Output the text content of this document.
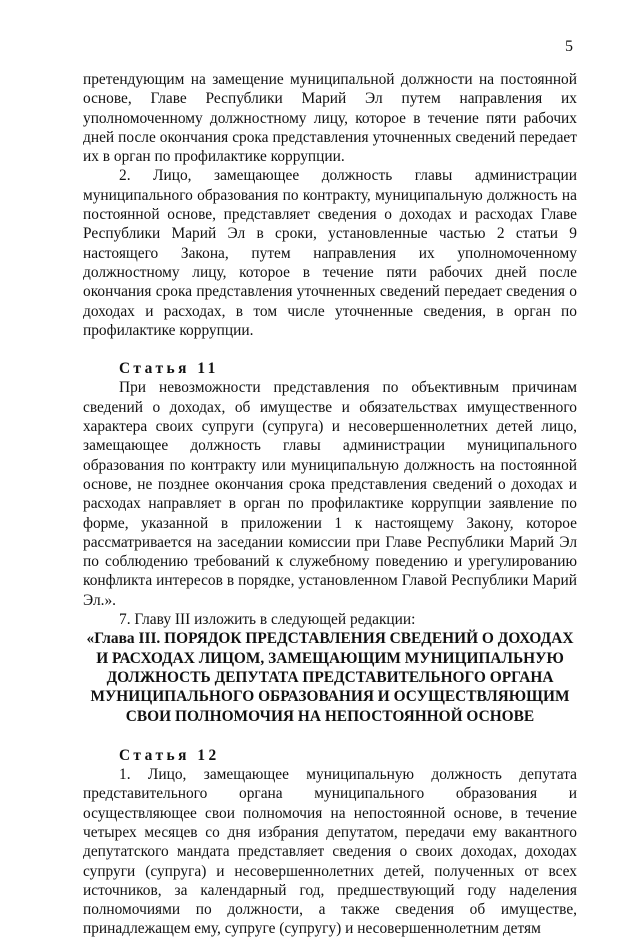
5

претендующим на замещение муниципальной должности на постоянной основе, Главе Республики Марий Эл путем направления их уполномоченному должностному лицу, которое в течение пяти рабочих дней после окончания срока представления уточненных сведений передает их в орган по профилактике коррупции.

2. Лицо, замещающее должность главы администрации муниципального образования по контракту, муниципальную должность на постоянной основе, представляет сведения о доходах и расходах Главе Республики Марий Эл в сроки, установленные частью 2 статьи 9 настоящего Закона, путем направления их уполномоченному должностному лицу, которое в течение пяти рабочих дней после окончания срока представления уточненных сведений передает сведения о доходах и расходах, в том числе уточненные сведения, в орган по профилактике коррупции.

Статья 11

При невозможности представления по объективным причинам сведений о доходах, об имуществе и обязательствах имущественного характера своих супруги (супруга) и несовершеннолетних детей лицо, замещающее должность главы администрации муниципального образования по контракту или муниципальную должность на постоянной основе, не позднее окончания срока представления сведений о доходах и расходах направляет в орган по профилактике коррупции заявление по форме, указанной в приложении 1 к настоящему Закону, которое рассматривается на заседании комиссии при Главе Республики Марий Эл по соблюдению требований к служебному поведению и урегулированию конфликта интересов в порядке, установленном Главой Республики Марий Эл.».

7. Главу III изложить в следующей редакции:

«Глава III. ПОРЯДОК ПРЕДСТАВЛЕНИЯ СВЕДЕНИЙ О ДОХОДАХ И РАСХОДАХ ЛИЦОМ, ЗАМЕЩАЮЩИМ МУНИЦИПАЛЬНУЮ ДОЛЖНОСТЬ ДЕПУТАТА ПРЕДСТАВИТЕЛЬНОГО ОРГАНА МУНИЦИПАЛЬНОГО ОБРАЗОВАНИЯ И ОСУЩЕСТВЛЯЮЩИМ СВОИ ПОЛНОМОЧИЯ НА НЕПОСТОЯННОЙ ОСНОВЕ

Статья 12

1. Лицо, замещающее муниципальную должность депутата представительного органа муниципального образования и осуществляющее свои полномочия на непостоянной основе, в течение четырех месяцев со дня избрания депутатом, передачи ему вакантного депутатского мандата представляет сведения о своих доходах, доходах супруги (супруга) и несовершеннолетних детей, полученных от всех источников, за календарный год, предшествующий году наделения полномочиями по должности, а также сведения об имуществе, принадлежащем ему, супруге (супругу) и несовершеннолетним детям
